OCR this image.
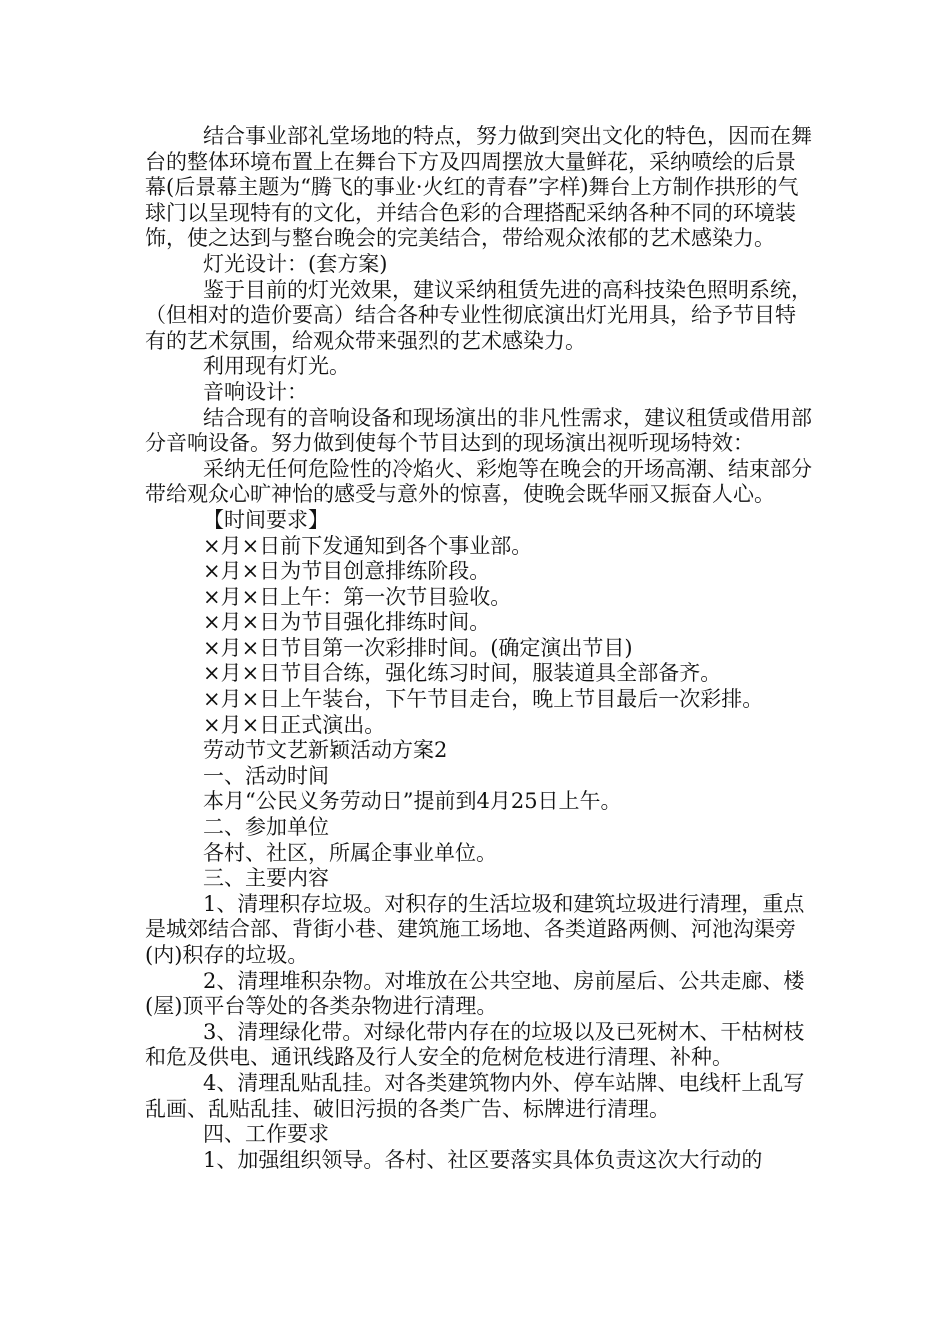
结合事业部礼堂场地的特点，努力做到突出文化的特色，因而在舞台的整体环境布置上在舞台下方及四周摆放大量鲜花，采纳喷绘的后景幕(后景幕主题为“腾飞的事业·火红的青春”字样)舞台上方制作拱形的气球门以呈现特有的文化，并结合色彩的合理搭配采纳各种不同的环境装饰，使之达到与整台晚会的完美结合，带给观众浓郁的艺术感染力。

灯光设计：(套方案)

鉴于目前的灯光效果，建议采纳租赁先进的高科技染色照明系统，（但相对的造价要高）结合各种专业性彻底演出灯光用具，给予节目特有的艺术氛围，给观众带来强烈的艺术感染力。

利用现有灯光。

音响设计：

结合现有的音响设备和现场演出的非凡性需求，建议租赁或借用部分音响设备。努力做到使每个节目达到的现场演出视听现场特效：

采纳无任何危险性的冷焰火、彩炮等在晚会的开场高潮、结束部分带给观众心旷神怡的感受与意外的惊喜，使晚会既华丽又振奋人心。

【时间要求】

×月×日前下发通知到各个事业部。

×月×日为节目创意排练阶段。

×月×日上午：第一次节目验收。

×月×日为节目强化排练时间。

×月×日节目第一次彩排时间。(确定演出节目)

×月×日节目合练，强化练习时间，服装道具全部备齐。

×月×日上午装台，下午节目走台，晚上节目最后一次彩排。

×月×日正式演出。

劳动节文艺新颖活动方案2

一、活动时间

本月“公民义务劳动日”提前到4月25日上午。

二、参加单位

各村、社区，所属企事业单位。

三、主要内容

1、清理积存垃圾。对积存的生活垃圾和建筑垃圾进行清理，重点是城郊结合部、背街小巷、建筑施工场地、各类道路两侧、河池沟渠旁(内)积存的垃圾。

2、清理堆积杂物。对堆放在公共空地、房前屋后、公共走廊、楼(屋)顶平台等处的各类杂物进行清理。

3、清理绿化带。对绿化带内存在的垃圾以及已死树木、干枯树枝和危及供电、通讯线路及行人安全的危树危枝进行清理、补种。

4、清理乱贴乱挂。对各类建筑物内外、停车站牌、电线杆上乱写乱画、乱贴乱挂、破旧污损的各类广告、标牌进行清理。

四、工作要求

1、加强组织领导。各村、社区要落实具体负责这次大行动的
